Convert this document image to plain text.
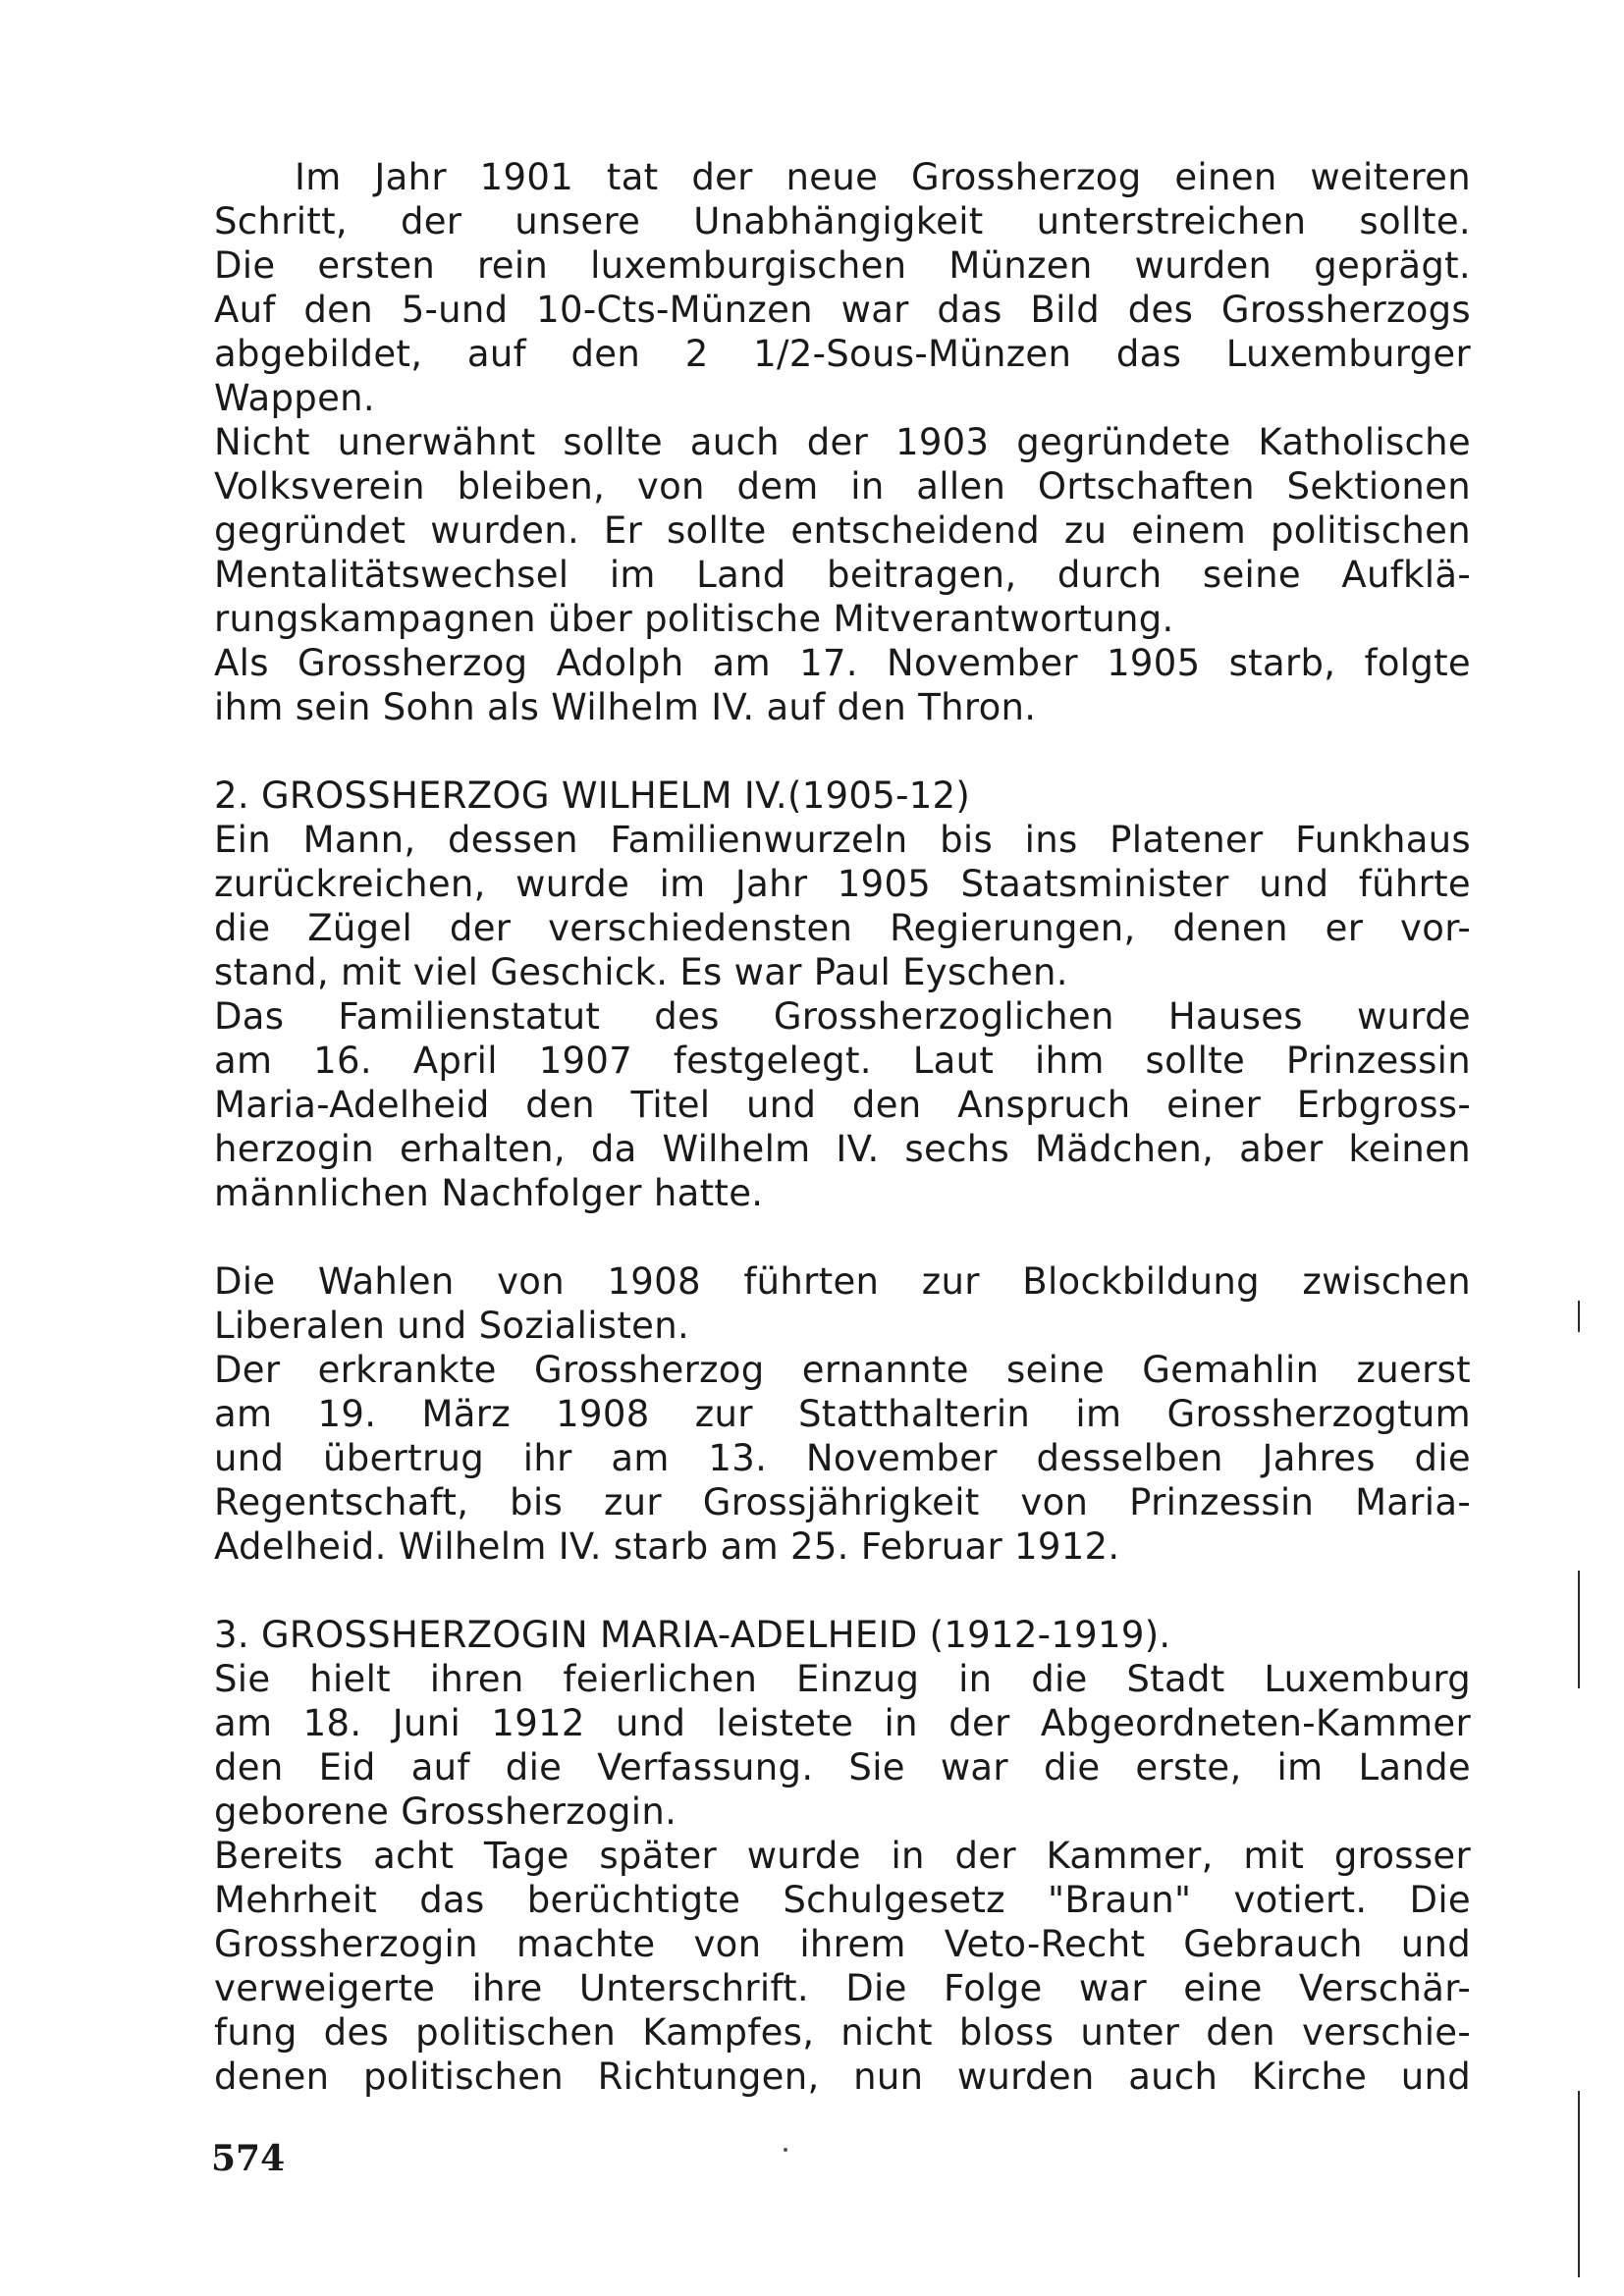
Im Jahr 1901 tat der neue Grossherzog einen weiteren
Schritt, der unsere Unabhängigkeit unterstreichen sollte.
Die ersten rein luxemburgischen Münzen wurden geprägt.
Auf den 5-und 10-Cts-Münzen war das Bild des Grossherzogs
abgebildet, auf den 2 1/2-Sous-Münzen das Luxemburger
Wappen.
Nicht unerwähnt sollte auch der 1903 gegründete Katholische
Volksverein bleiben, von dem in allen Ortschaften Sektionen
gegründet wurden. Er sollte entscheidend zu einem politischen
Mentalitätswechsel im Land beitragen, durch seine Aufklä-
rungskampagnen über politische Mitverantwortung.
Als Grossherzog Adolph am 17. November 1905 starb, folgte
ihm sein Sohn als Wilhelm IV. auf den Thron.
2. GROSSHERZOG WILHELM IV.(1905-12)
Ein Mann, dessen Familienwurzeln bis ins Platener Funkhaus
zurückreichen, wurde im Jahr 1905 Staatsminister und führte
die Zügel der verschiedensten Regierungen, denen er vor-
stand, mit viel Geschick. Es war Paul Eyschen.
Das Familienstatut des Grossherzoglichen Hauses wurde
am 16. April 1907 festgelegt. Laut ihm sollte Prinzessin
Maria-Adelheid den Titel und den Anspruch einer Erbgross-
herzogin erhalten, da Wilhelm IV. sechs Mädchen, aber keinen
männlichen Nachfolger hatte.
Die Wahlen von 1908 führten zur Blockbildung zwischen
Liberalen und Sozialisten.
Der erkrankte Grossherzog ernannte seine Gemahlin zuerst
am 19. März 1908 zur Statthalterin im Grossherzogtum
und übertrug ihr am 13. November desselben Jahres die
Regentschaft, bis zur Grossjährigkeit von Prinzessin Maria-
Adelheid. Wilhelm IV. starb am 25. Februar 1912.
3. GROSSHERZOGIN MARIA-ADELHEID (1912-1919).
Sie hielt ihren feierlichen Einzug in die Stadt Luxemburg
am 18. Juni 1912 und leistete in der Abgeordneten-Kammer
den Eid auf die Verfassung. Sie war die erste, im Lande
geborene Grossherzogin.
Bereits acht Tage später wurde in der Kammer, mit grosser
Mehrheit das berüchtigte Schulgesetz "Braun" votiert. Die
Grossherzogin machte von ihrem Veto-Recht Gebrauch und
verweigerte ihre Unterschrift. Die Folge war eine Verschär-
fung des politischen Kampfes, nicht bloss unter den verschie-
denen politischen Richtungen, nun wurden auch Kirche und
574
